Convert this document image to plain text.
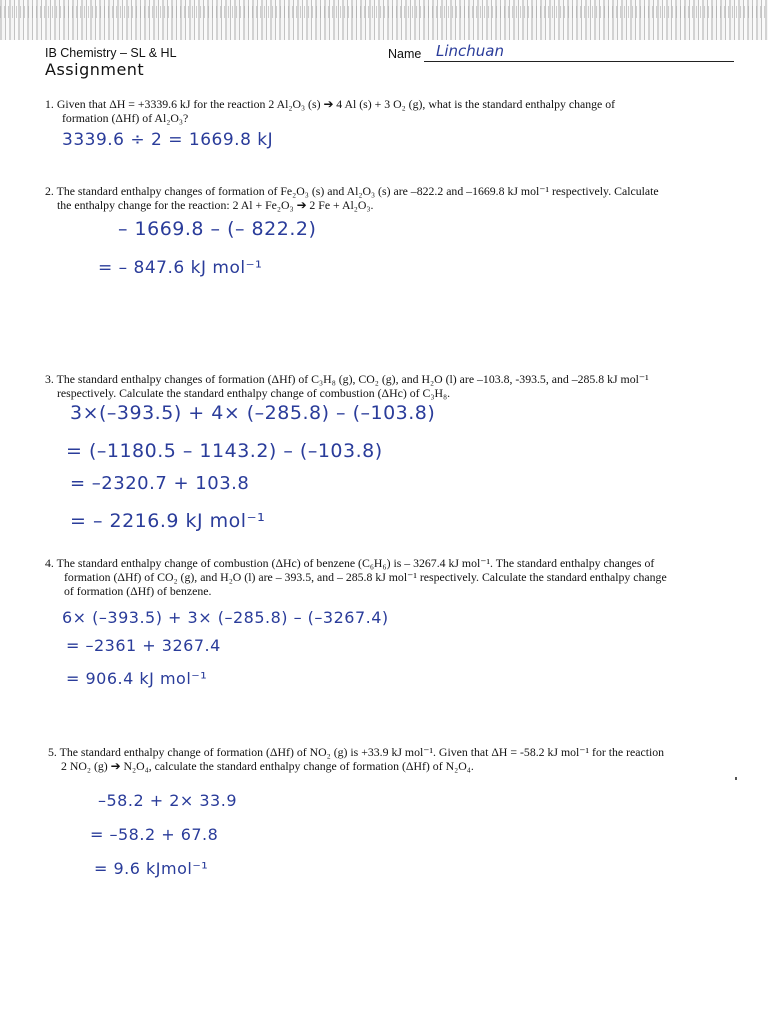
IB Chemistry – SL & HL
Assignment
Name Linchuan
1. Given that ΔH = +3339.6 kJ for the reaction 2 Al₂O₃ (s) ➔ 4 Al (s) + 3 O₂ (g), what is the standard enthalpy change of
formation (ΔHf) of Al₂O₃?
3339.6 ÷ 2 = 1669.8 kJ
2. The standard enthalpy changes of formation of Fe₂O₃ (s) and Al₂O₃ (s) are –822.2 and –1669.8 kJ mol⁻¹ respectively. Calculate
the enthalpy change for the reaction: 2 Al + Fe₂O₃ ➔ 2 Fe + Al₂O₃.
– 1669.8 – (– 822.2)
= – 847.6 kJ mol⁻¹
3. The standard enthalpy changes of formation (ΔHf) of C₃H₈ (g), CO₂ (g), and H₂O (l) are –103.8, -393.5, and –285.8 kJ mol⁻¹
respectively. Calculate the standard enthalpy change of combustion (ΔHc) of C₃H₈.
3×(–393.5) + 4× (–285.8) – (–103.8)
= (–1180.5 – 1143.2) – (–103.8)
= –2320.7 + 103.8
= – 2216.9 kJ mol⁻¹
4. The standard enthalpy change of combustion (ΔHc) of benzene (C₆H₆) is – 3267.4 kJ mol⁻¹. The standard enthalpy changes of
formation (ΔHf) of CO₂ (g), and H₂O (l) are – 393.5, and – 285.8 kJ mol⁻¹ respectively. Calculate the standard enthalpy change
of formation (ΔHf) of benzene.
6× (–393.5) + 3× (–285.8) – (–3267.4)
= –2361 + 3267.4
= 906.4 kJ mol⁻¹
5. The standard enthalpy change of formation (ΔHf) of NO₂ (g) is +33.9 kJ mol⁻¹. Given that ΔH = -58.2 kJ mol⁻¹ for the reaction
2 NO₂ (g) ➔ N₂O₄, calculate the standard enthalpy change of formation (ΔHf) of N₂O₄.
–58.2 + 2× 33.9
= –58.2 + 67.8
= 9.6 kJmol⁻¹
